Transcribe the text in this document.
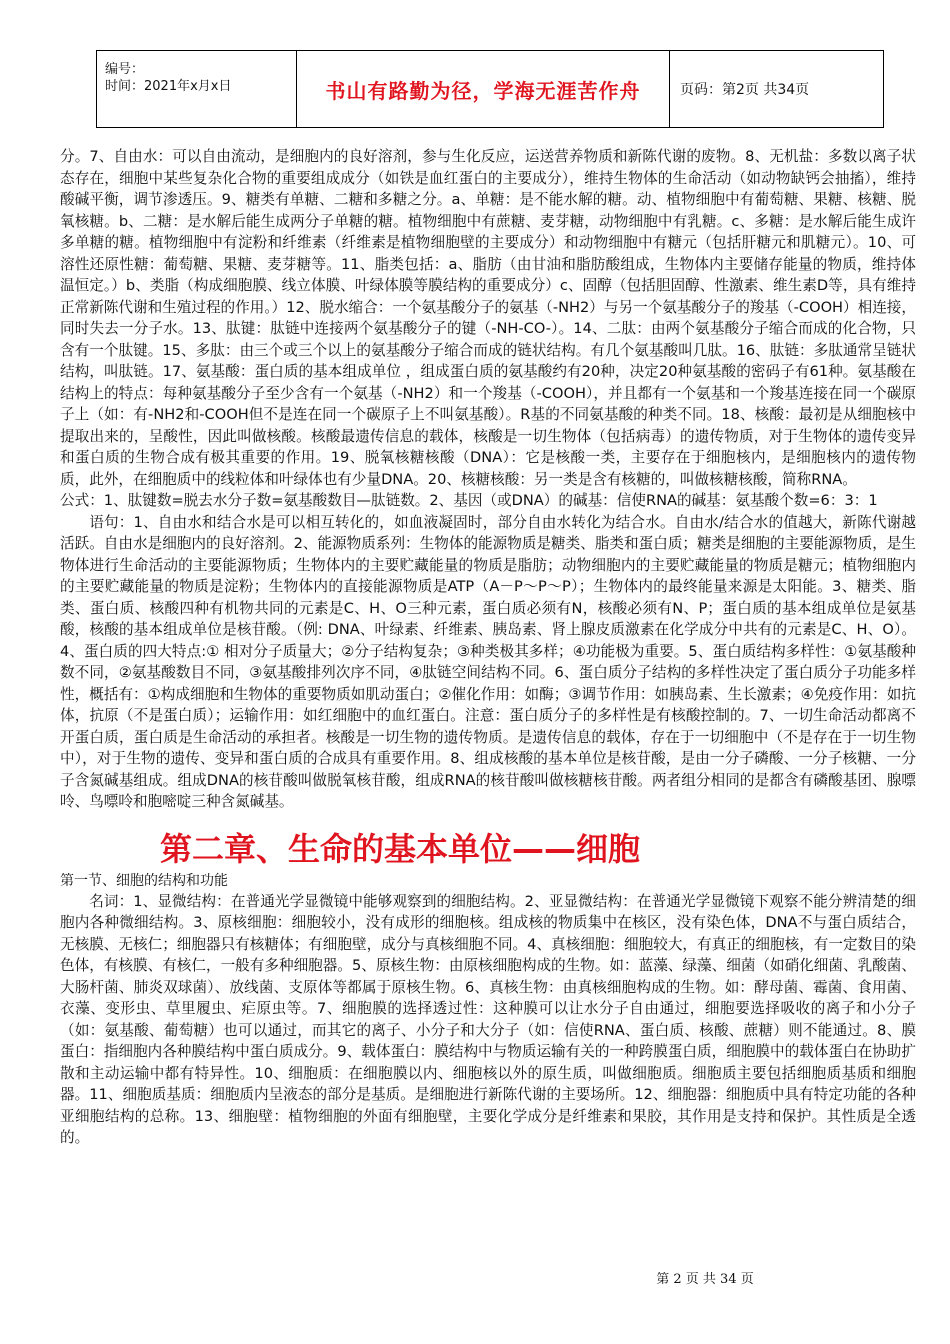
编号：
时间：2021年x月x日	书山有路勤为径，学海无涯苦作舟	页码：第2页 共34页

分。7、自由水：可以自由流动，是细胞内的良好溶剂，参与生化反应，运送营养物质和新陈代谢的废物。8、无机盐：多数以离子状态存在，细胞中某些复杂化合物的重要组成成分（如铁是血红蛋白的主要成分），维持生物体的生命活动（如动物缺钙会抽搐），维持酸碱平衡，调节渗透压。9、糖类有单糖、二糖和多糖之分。a、单糖：是不能水解的糖。动、植物细胞中有葡萄糖、果糖、核糖、脱氧核糖。b、二糖：是水解后能生成两分子单糖的糖。植物细胞中有蔗糖、麦芽糖，动物细胞中有乳糖。c、多糖：是水解后能生成许多单糖的糖。植物细胞中有淀粉和纤维素（纤维素是植物细胞壁的主要成分）和动物细胞中有糖元（包括肝糖元和肌糖元）。10、可溶性还原性糖：葡萄糖、果糖、麦芽糖等。11、脂类包括：a、脂肪（由甘油和脂肪酸组成，生物体内主要储存能量的物质，维持体温恒定。）b、类脂（构成细胞膜、线立体膜、叶绿体膜等膜结构的重要成分）c、固醇（包括胆固醇、性激素、维生素D等，具有维持正常新陈代谢和生殖过程的作用。）12、脱水缩合：一个氨基酸分子的氨基（-NH2）与另一个氨基酸分子的羧基（-COOH）相连接，同时失去一分子水。13、肽键：肽链中连接两个氨基酸分子的键（-NH-CO-）。14、二肽：由两个氨基酸分子缩合而成的化合物，只含有一个肽键。15、多肽：由三个或三个以上的氨基酸分子缩合而成的链状结构。有几个氨基酸叫几肽。16、肽链：多肽通常呈链状结构，叫肽链。17、氨基酸：蛋白质的基本组成单位 ，组成蛋白质的氨基酸约有20种，决定20种氨基酸的密码子有61种。氨基酸在结构上的特点：每种氨基酸分子至少含有一个氨基（-NH2）和一个羧基（-COOH），并且都有一个氨基和一个羧基连接在同一个碳原子上（如：有-NH2和-COOH但不是连在同一个碳原子上不叫氨基酸）。R基的不同氨基酸的种类不同。18、核酸：最初是从细胞核中提取出来的，呈酸性，因此叫做核酸。核酸最遗传信息的载体，核酸是一切生物体（包括病毒）的遗传物质，对于生物体的遗传变异和蛋白质的生物合成有极其重要的作用。19、脱氧核糖核酸（DNA）：它是核酸一类，主要存在于细胞核内，是细胞核内的遗传物质，此外，在细胞质中的线粒体和叶绿体也有少量DNA。20、核糖核酸：另一类是含有核糖的，叫做核糖核酸，简称RNA。

公式：1、肽键数=脱去水分子数=氨基酸数目—肽链数。2、基因（或DNA）的碱基：信使RNA的碱基：氨基酸个数=6：3：1

语句：1、自由水和结合水是可以相互转化的，如血液凝固时，部分自由水转化为结合水。自由水/结合水的值越大，新陈代谢越活跃。自由水是细胞内的良好溶剂。2、能源物质系列：生物体的能源物质是糖类、脂类和蛋白质；糖类是细胞的主要能源物质，是生物体进行生命活动的主要能源物质；生物体内的主要贮藏能量的物质是脂肪；动物细胞内的主要贮藏能量的物质是糖元；植物细胞内的主要贮藏能量的物质是淀粉；生物体内的直接能源物质是ATP（A－P～P～P）；生物体内的最终能量来源是太阳能。3、糖类、脂类、蛋白质、核酸四种有机物共同的元素是C、H、O三种元素，蛋白质必须有N，核酸必须有N、P；蛋白质的基本组成单位是氨基酸，核酸的基本组成单位是核苷酸。（例: DNA、叶绿素、纤维素、胰岛素、肾上腺皮质激素在化学成分中共有的元素是C、H、O）。4、蛋白质的四大特点:① 相对分子质量大；②分子结构复杂；③种类极其多样；④功能极为重要。5、蛋白质结构多样性：①氨基酸种数不同，②氨基酸数目不同，③氨基酸排列次序不同，④肽链空间结构不同。6、蛋白质分子结构的多样性决定了蛋白质分子功能多样性，概括有：①构成细胞和生物体的重要物质如肌动蛋白；②催化作用：如酶；③调节作用：如胰岛素、生长激素；④免疫作用：如抗体，抗原（不是蛋白质）；运输作用：如红细胞中的血红蛋白。注意：蛋白质分子的多样性是有核酸控制的。7、一切生命活动都离不开蛋白质，蛋白质是生命活动的承担者。核酸是一切生物的遗传物质。是遗传信息的载体，存在于一切细胞中（不是存在于一切生物中），对于生物的遗传、变异和蛋白质的合成具有重要作用。8、组成核酸的基本单位是核苷酸，是由一分子磷酸、一分子核糖、一分子含氮碱基组成。组成DNA的核苷酸叫做脱氧核苷酸，组成RNA的核苷酸叫做核糖核苷酸。两者组分相同的是都含有磷酸基团、腺嘌呤、鸟嘌呤和胞嘧啶三种含氮碱基。

第二章、生命的基本单位——细胞

第一节、细胞的结构和功能

名词：1、显微结构：在普通光学显微镜中能够观察到的细胞结构。2、亚显微结构：在普通光学显微镜下观察不能分辨清楚的细胞内各种微细结构。3、原核细胞：细胞较小，没有成形的细胞核。组成核的物质集中在核区，没有染色体，DNA不与蛋白质结合，无核膜、无核仁；细胞器只有核糖体；有细胞壁，成分与真核细胞不同。4、真核细胞：细胞较大，有真正的细胞核，有一定数目的染色体，有核膜、有核仁，一般有多种细胞器。5、原核生物：由原核细胞构成的生物。如：蓝藻、绿藻、细菌（如硝化细菌、乳酸菌、大肠杆菌、肺炎双球菌）、放线菌、支原体等都属于原核生物。6、真核生物：由真核细胞构成的生物。如：酵母菌、霉菌、食用菌、衣藻、变形虫、草里履虫、疟原虫等。7、细胞膜的选择透过性：这种膜可以让水分子自由通过，细胞要选择吸收的离子和小分子（如：氨基酸、葡萄糖）也可以通过，而其它的离子、小分子和大分子（如：信使RNA、蛋白质、核酸、蔗糖）则不能通过。8、膜蛋白：指细胞内各种膜结构中蛋白质成分。9、载体蛋白：膜结构中与物质运输有关的一种跨膜蛋白质，细胞膜中的载体蛋白在协助扩散和主动运输中都有特异性。10、细胞质：在细胞膜以内、细胞核以外的原生质，叫做细胞质。细胞质主要包括细胞质基质和细胞器。11、细胞质基质：细胞质内呈液态的部分是基质。是细胞进行新陈代谢的主要场所。12、细胞器：细胞质中具有特定功能的各种亚细胞结构的总称。13、细胞壁：植物细胞的外面有细胞壁，主要化学成分是纤维素和果胶，其作用是支持和保护。其性质是全透的。

第 2 页 共 34 页
